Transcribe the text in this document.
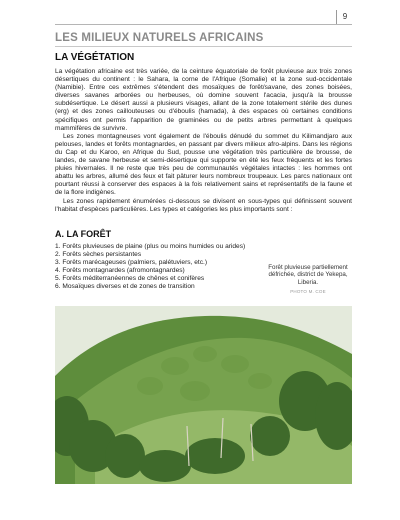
9
LES MILIEUX NATURELS AFRICAINS
LA VÉGÉTATION

La végétation africaine est très variée, de la ceinture équatoriale de forêt pluvieuse aux trois zones désertiques du continent : le Sahara, la corne de l'Afrique (Somalie) et la zone sud-occidentale (Namibie). Entre ces extrêmes s'étendent des mosaïques de forêt/savane, des zones boisées, diverses savanes arborées ou herbeuses, où domine souvent l'acacia, jusqu'à la brousse subdésertique. Le désert aussi a plusieurs visages, allant de la zone totalement stérile des dunes (erg) et des zones caillouteuses ou d'éboulis (hamada), à des espaces où certaines conditions spécifiques ont permis l'apparition de graminées ou de petits arbres permettant à quelques mammifères de survivre.

Les zones montagneuses vont également de l'éboulis dénudé du sommet du Kilimandjaro aux pelouses, landes et forêts montagnardes, en passant par divers milieux afro-alpins. Dans les régions du Cap et du Karoo, en Afrique du Sud, pousse une végétation très particulière de brousse, de landes, de savane herbeuse et semi-désertique qui supporte en été les feux fréquents et les fortes pluies hivernales. Il ne reste que très peu de communautés végétales intactes : les hommes ont abattu les arbres, allumé des feux et fait pâturer leurs nombreux troupeaux. Les parcs nationaux ont pourtant réussi à conserver des espaces à la fois relativement sains et représentatifs de la faune et de la flore indigènes.

Les zones rapidement énumérées ci-dessous se divisent en sous-types qui définissent souvent l'habitat d'espèces particulières. Les types et catégories les plus importants sont :

A. LA FORÊT
1. Forêts pluvieuses de plaine (plus ou moins humides ou arides)
2. Forêts sèches persistantes
3. Forêts marécageuses (palmiers, palétuviers, etc.)
4. Forêts montagnardes (afromontagnardes)
5. Forêts méditerranéennes de chênes et conifères
6. Mosaïques diverses et de zones de transition
Forêt pluvieuse partiellement défrichée, district de Yekepa, Liberia.
PHOTO M. COE
